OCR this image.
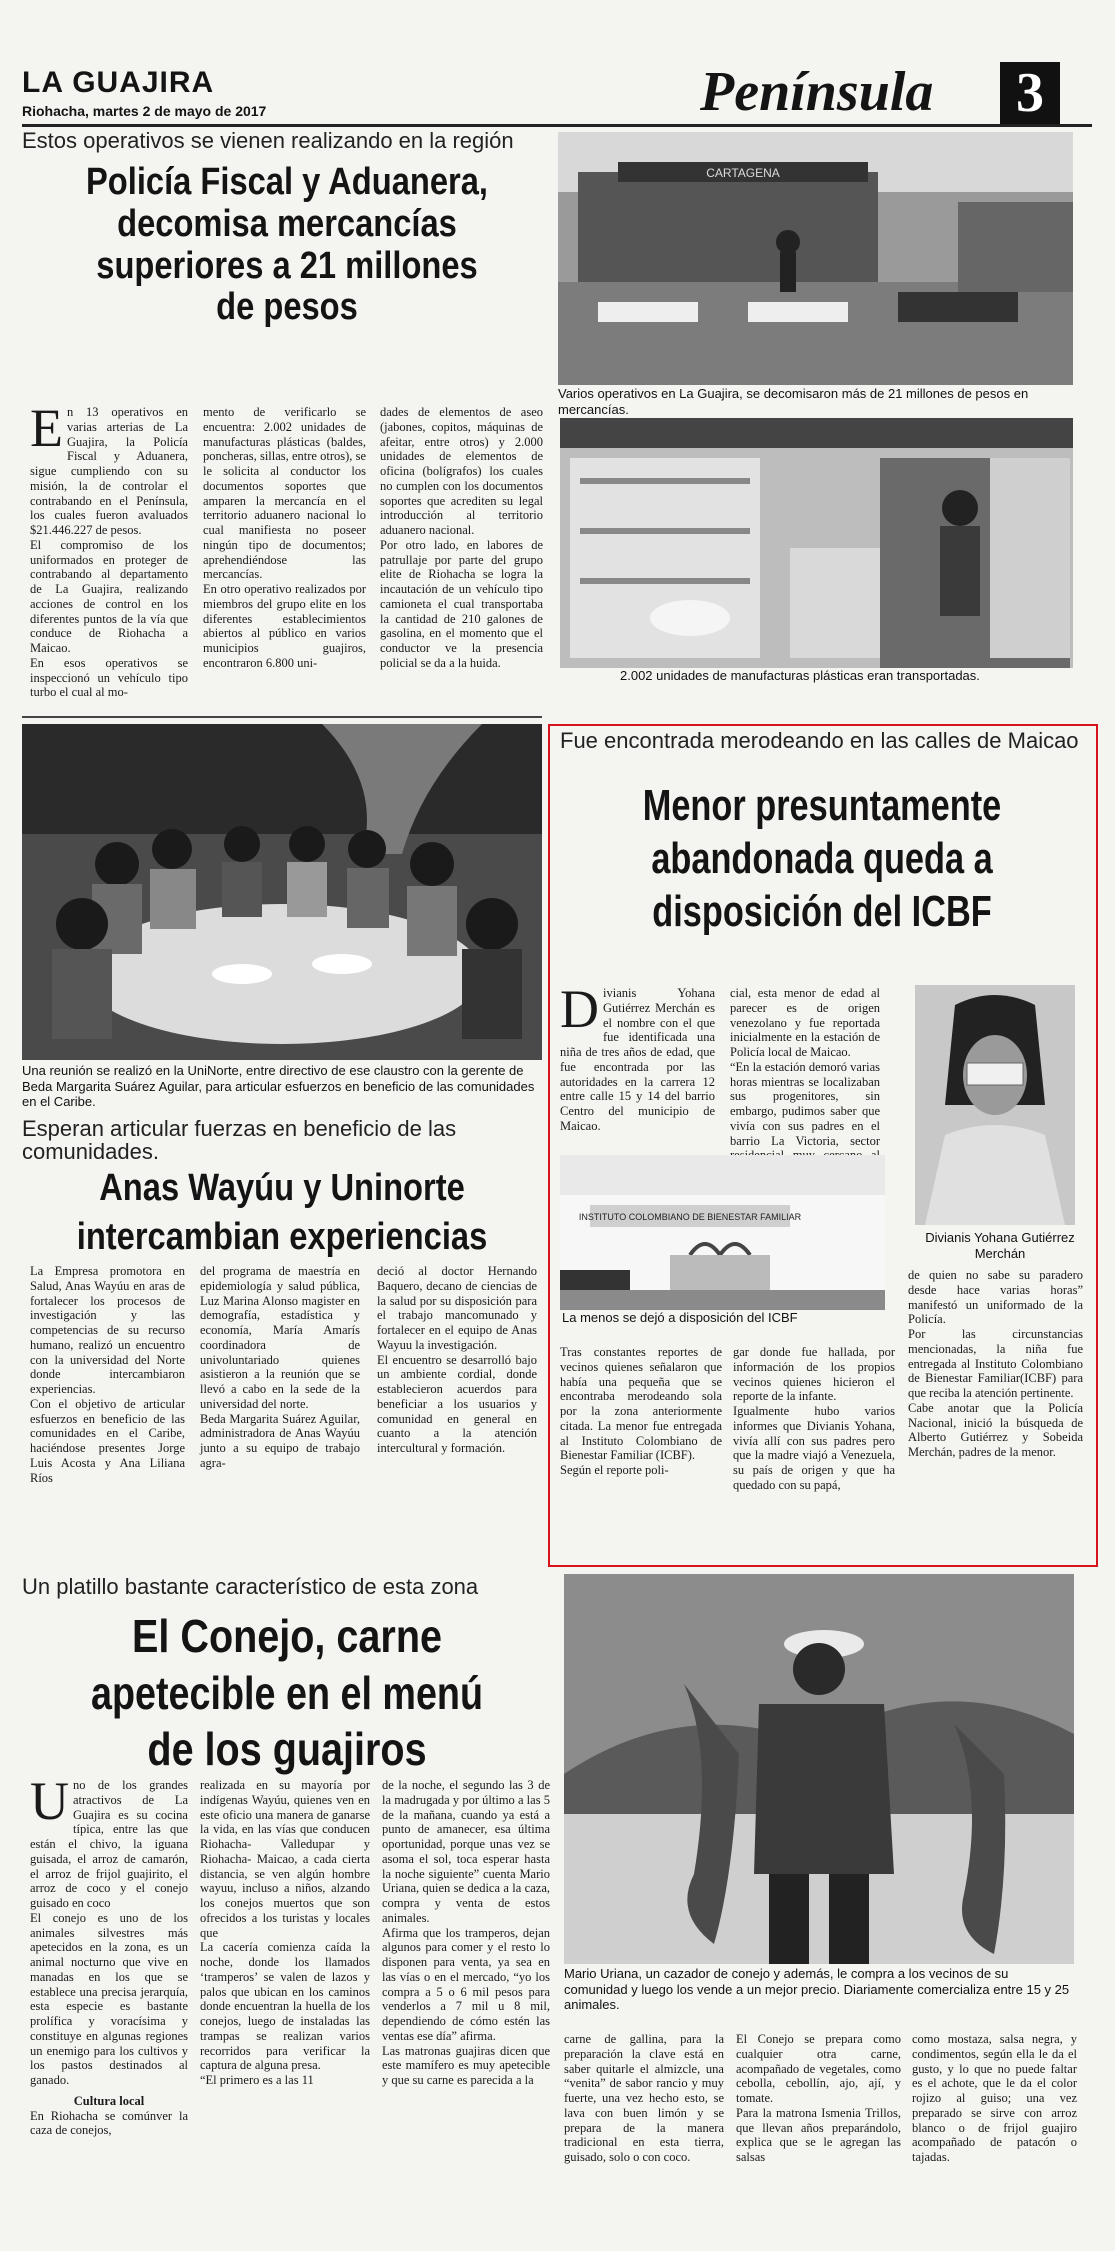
LA GUAJIRA
Riohacha, martes 2 de mayo de 2017	Península 3
Estos operativos se vienen realizando en la región
Policía Fiscal y Aduanera,
decomisa mercancías
superiores a 21 millones
de pesos
En 13 operativos en varias arterias de La Guajira, la Policía Fiscal y Aduanera, sigue cumpliendo con su misión, la de controlar el contrabando en el Península, los cuales fueron avaluados $21.446.227 de pesos.
El compromiso de los uniformados en proteger de contrabando al departamento de La Guajira, realizando acciones de control en los diferentes puntos de la vía que conduce de Riohacha a Maicao.
En esos operativos se inspeccionó un vehículo tipo turbo el cual al mo-
mento de verificarlo se encuentra: 2.002 unidades de manufacturas plásticas (baldes, poncheras, sillas, entre otros), se le solicita al conductor los documentos soportes que amparen la mercancía en el territorio aduanero nacional lo cual manifiesta no poseer ningún tipo de documentos; aprehendiéndose las mercancías.
En otro operativo realizados por miembros del grupo elite en los diferentes establecimientos abiertos al público en varios municipios guajiros, encontraron 6.800 uni-
dades de elementos de aseo (jabones, copitos, máquinas de afeitar, entre otros) y 2.000 unidades de elementos de oficina (bolígrafos) los cuales no cumplen con los documentos soportes que acrediten su legal introducción al territorio aduanero nacional.
Por otro lado, en labores de patrullaje por parte del grupo elite de Riohacha se logra la incautación de un vehículo tipo camioneta el cual transportaba la cantidad de 210 galones de gasolina, en el momento que el conductor ve la presencia policial se da a la huida.
CARTAGENA
Varios operativos en La Guajira, se decomisaron más de 21 millones de pesos en mercancías.
2.002 unidades de manufacturas plásticas eran transportadas.
Una reunión se realizó en la UniNorte, entre directivo de ese claustro con la gerente de Beda Margarita Suárez Aguilar, para articular esfuerzos en beneficio de las comunidades en el Caribe.
Esperan articular fuerzas en beneficio de las comunidades.
Anas Wayúu y Uninorte
intercambian experiencias
La Empresa promotora en Salud, Anas Wayúu en aras de fortalecer los procesos de investigación y las competencias de su recurso humano, realizó un encuentro con la universidad del Norte donde intercambiaron experiencias.
Con el objetivo de articular esfuerzos en beneficio de las comunidades en el Caribe, haciéndose presentes Jorge Luis Acosta y Ana Liliana Ríos
del programa de maestría en epidemiología y salud pública, Luz Marina Alonso magister en demografía, estadística y economía, María Amarís coordinadora de univoluntariado quienes asistieron a la reunión que se llevó a cabo en la sede de la universidad del norte.
Beda Margarita Suárez Aguilar, administradora de Anas Wayúu junto a su equipo de trabajo agra-
deció al doctor Hernando Baquero, decano de ciencias de la salud por su disposición para el trabajo mancomunado y fortalecer en el equipo de Anas Wayuu la investigación.
El encuentro se desarrolló bajo un ambiente cordial, donde establecieron acuerdos para beneficiar a los usuarios y comunidad en general en cuanto a la atención intercultural y formación.
Fue encontrada merodeando en las calles de Maicao
Menor presuntamente
abandonada queda a
disposición del ICBF
Divianis Yohana Gutiérrez Merchán es el nombre con el que fue identificada una niña de tres años de edad, que fue encontrada por las autoridades en la carrera 12 entre calle 15 y 14 del barrio Centro del municipio de Maicao.
cial, esta menor de edad al parecer es de origen venezolano y fue reportada inicialmente en la estación de Policía local de Maicao.
“En la estación demoró varias horas mientras se localizaban sus progenitores, sin embargo, pudimos saber que vivía con sus padres en el barrio La Victoria, sector
INSTITUTO COLOMBIANO DE BIENESTAR FAMILIAR
La menos se dejó a disposición del ICBF
Divianis Yohana Gutiérrez
Merchán
Tras constantes reportes de vecinos quienes señalaron que había una pequeña que se encontraba merodeando sola por la zona anteriormente citada. La menor fue entregada al Instituto Colombiano de Bienestar Familiar (ICBF).
Según el reporte poli-
gar donde fue hallada, por información de los propios vecinos quienes hicieron el reporte de la infante.
Igualmente hubo varios informes que Divianis Yohana, vivía allí con sus padres pero que la madre viajó a Venezuela, su país de origen y que ha quedado con su papá,
de quien no sabe su paradero desde hace varias horas” manifestó un uniformado de la Policía.
Por las circunstancias mencionadas, la niña fue entregada al Instituto Colombiano de Bienestar Familiar(ICBF) para que reciba la atención pertinente.
Cabe anotar que la Policía Nacional, inició la búsqueda de Alberto Gutiérrez y Sobeida Merchán, padres de la menor.
Un platillo bastante característico de esta zona
El Conejo, carne
apetecible en el menú
de los guajiros
Uno de los grandes atractivos de La Guajira es su cocina típica, entre las que están el chivo, la iguana guisada, el arroz de camarón, el arroz de frijol guajirito, el arroz de coco y el conejo guisado en coco
El conejo es uno de los animales silvestres más apetecidos en la zona, es un animal nocturno que vive en manadas en los que se establece una precisa jerarquía, esta especie es bastante prolífica y voracísima y constituye en algunas regiones un enemigo para los cultivos y los pastos destinados al ganado.
Cultura local
En Riohacha se comúnver la caza de conejos,
realizada en su mayoría por indígenas Wayúu, quienes ven en este oficio una manera de ganarse la vida, en las vías que conducen Riohacha- Valledupar y Riohacha- Maicao, a cada cierta distancia, se ven algún hombre wayuu, incluso a niños, alzando los conejos muertos que son ofrecidos a los turistas y locales que
La cacería comienza caída la noche, donde los llamados ‘tramperos’ se valen de lazos y palos que ubican en los caminos donde encuentran la huella de los conejos, luego de instaladas las trampas se realizan varios recorridos para verificar la captura de alguna presa.
“El primero es a las 11
de la noche, el segundo las 3 de la madrugada y por último a las 5 de la mañana, cuando ya está a punto de amanecer, esa última oportunidad, porque unas vez se asoma el sol, toca esperar hasta la noche siguiente” cuenta Mario Uriana, quien se dedica a la caza, compra y venta de estos animales.
Afirma que los tramperos, dejan algunos para comer y el resto lo disponen para venta, ya sea en las vías o en el mercado, “yo los compra a 5 o 6 mil pesos para venderlos a 7 mil u 8 mil, dependiendo de cómo estén las ventas ese día” afirma.
Las matronas guajiras dicen que este mamífero es muy apetecible y que su carne es parecida a la
Mario Uriana, un cazador de conejo y además, le compra a los vecinos de su comunidad y luego los vende a un mejor precio. Diariamente comercializa entre 15 y 25 animales.
carne de gallina, para la preparación la clave está en saber quitarle el almizcle, una “venita” de sabor rancio y muy fuerte, una vez hecho esto, se lava con buen limón y se prepara de la manera tradicional en esta tierra, guisado, solo o con coco.
El Conejo se prepara como cualquier otra carne, acompañado de vegetales, como cebolla, cebollín, ajo, ají, y tomate.
Para la matrona Ismenia Trillos, que llevan años preparándolo, explica que se le agregan las salsas
como mostaza, salsa negra, y condimentos, según ella le da el gusto, y lo que no puede faltar es el achote, que le da el color rojizo al guiso; una vez preparado se sirve con arroz blanco o de frijol guajiro acompañado de patacón o tajadas.
